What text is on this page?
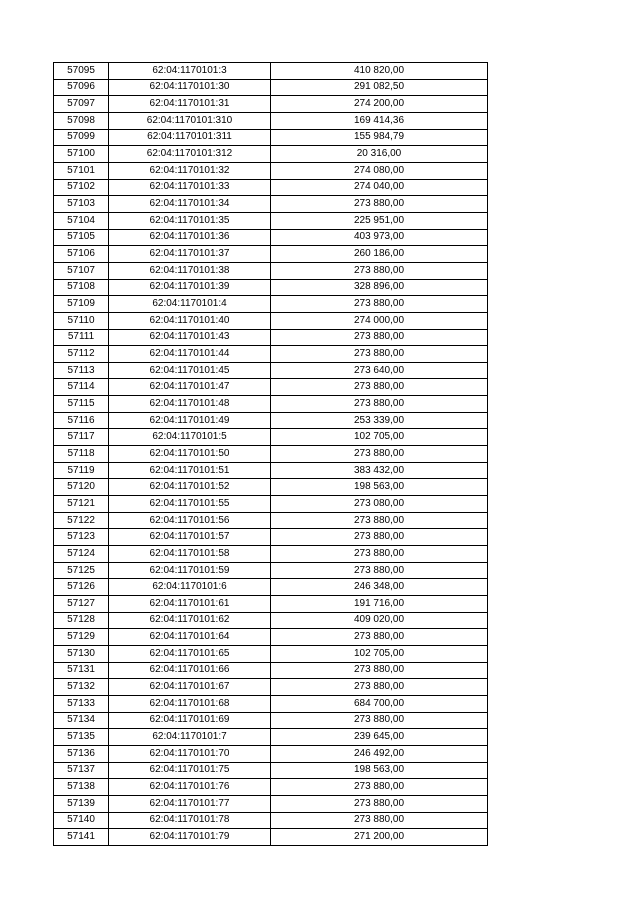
57095	62:04:1170101:3	410 820,00
57096	62:04:1170101:30	291 082,50
57097	62:04:1170101:31	274 200,00
57098	62:04:1170101:310	169 414,36
57099	62:04:1170101:311	155 984,79
57100	62:04:1170101:312	20 316,00
57101	62:04:1170101:32	274 080,00
57102	62:04:1170101:33	274 040,00
57103	62:04:1170101:34	273 880,00
57104	62:04:1170101:35	225 951,00
57105	62:04:1170101:36	403 973,00
57106	62:04:1170101:37	260 186,00
57107	62:04:1170101:38	273 880,00
57108	62:04:1170101:39	328 896,00
57109	62:04:1170101:4	273 880,00
57110	62:04:1170101:40	274 000,00
57111	62:04:1170101:43	273 880,00
57112	62:04:1170101:44	273 880,00
57113	62:04:1170101:45	273 640,00
57114	62:04:1170101:47	273 880,00
57115	62:04:1170101:48	273 880,00
57116	62:04:1170101:49	253 339,00
57117	62:04:1170101:5	102 705,00
57118	62:04:1170101:50	273 880,00
57119	62:04:1170101:51	383 432,00
57120	62:04:1170101:52	198 563,00
57121	62:04:1170101:55	273 080,00
57122	62:04:1170101:56	273 880,00
57123	62:04:1170101:57	273 880,00
57124	62:04:1170101:58	273 880,00
57125	62:04:1170101:59	273 880,00
57126	62:04:1170101:6	246 348,00
57127	62:04:1170101:61	191 716,00
57128	62:04:1170101:62	409 020,00
57129	62:04:1170101:64	273 880,00
57130	62:04:1170101:65	102 705,00
57131	62:04:1170101:66	273 880,00
57132	62:04:1170101:67	273 880,00
57133	62:04:1170101:68	684 700,00
57134	62:04:1170101:69	273 880,00
57135	62:04:1170101:7	239 645,00
57136	62:04:1170101:70	246 492,00
57137	62:04:1170101:75	198 563,00
57138	62:04:1170101:76	273 880,00
57139	62:04:1170101:77	273 880,00
57140	62:04:1170101:78	273 880,00
57141	62:04:1170101:79	271 200,00
